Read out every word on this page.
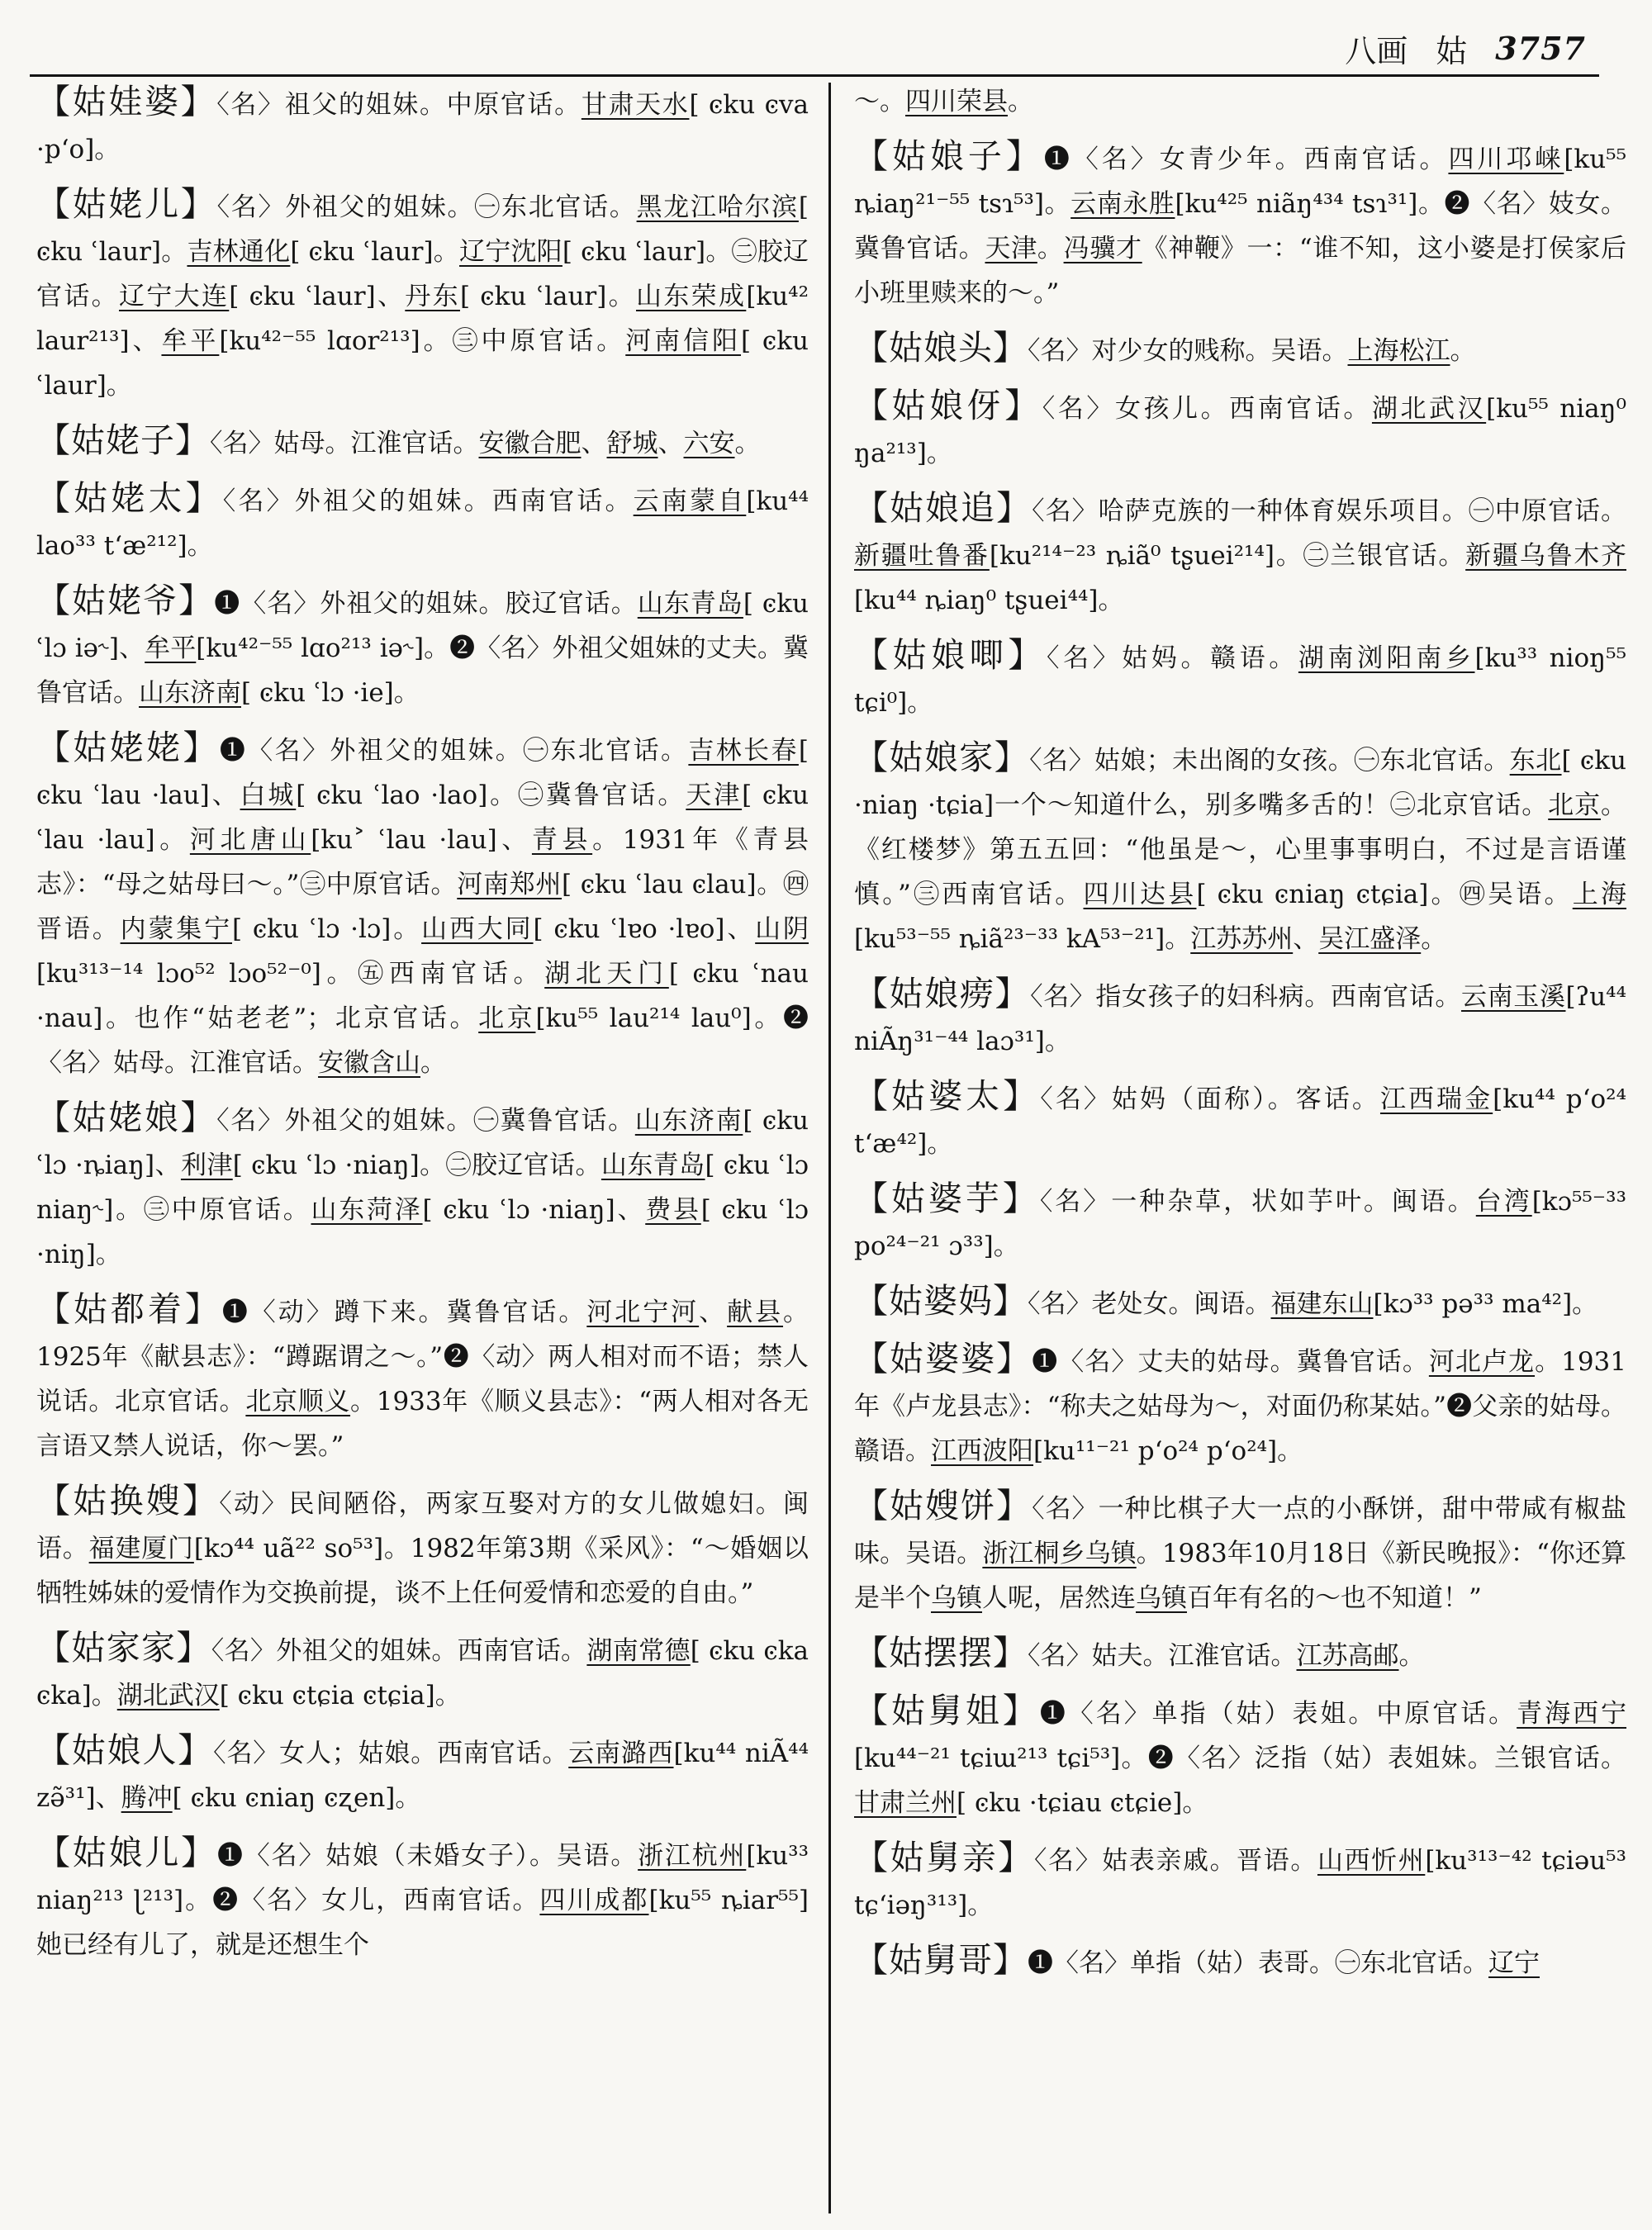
八画 姑 3757
【姑娃婆】〈名〉祖父的姐妹。中原官话。甘肃天水[ ͼku ͼva ·p‘o]。
【姑姥儿】〈名〉外祖父的姐妹。㊀东北官话。黑龙江哈尔滨[ ͼku ʿlaur]。吉林通化[ ͼku ʿlaur]。辽宁沈阳[ ͼku ʿlaur]。㊁胶辽官话。辽宁大连[ ͼku ʿlaur]、丹东[ ͼku ʿlaur]。山东荣成[ku⁴² laur²¹³]、牟平[ku⁴²⁻⁵⁵ lɑor²¹³]。㊂中原官话。河南信阳[ ͼku ʿlaur]。
【姑姥子】〈名〉姑母。江淮官话。安徽合肥、舒城、六安。
【姑姥太】〈名〉外祖父的姐妹。西南官话。云南蒙自[ku⁴⁴ lao³³ t‘æ²¹²]。
【姑姥爷】❶〈名〉外祖父的姐妹。胶辽官话。山东青岛[ ͼku ʿlɔ iə˞]、牟平[ku⁴²⁻⁵⁵ lɑo²¹³ iə˞]。❷〈名〉外祖父姐妹的丈夫。冀鲁官话。山东济南[ ͼku ʿlɔ ·ie]。
【姑姥姥】❶〈名〉外祖父的姐妹。㊀东北官话。吉林长春[ ͼku ʿlau ·lau]、白城[ ͼku ʿlao ·lao]。㊁冀鲁官话。天津[ ͼku ʿlau ·lau]。河北唐山[ku˃ ʿlau ·lau]、青县。1931年《青县志》：“母之姑母曰～。”㊂中原官话。河南郑州[ ͼku ʿlau ͼlau]。㊃晋语。内蒙集宁[ ͼku ʿlɔ ·lɔ]。山西大同[ ͼku ʿlɐo ·lɐo]、山阴[ku³¹³⁻¹⁴ lɔo⁵² lɔo⁵²⁻⁰]。㊄西南官话。湖北天门[ ͼku ʿnau ·nau]。也作“姑老老”；北京官话。北京[ku⁵⁵ lau²¹⁴ lau⁰]。❷〈名〉姑母。江淮官话。安徽含山。
【姑姥娘】〈名〉外祖父的姐妹。㊀冀鲁官话。山东济南[ ͼku ʿlɔ ·ȵiaŋ]、利津[ ͼku ʿlɔ ·niaŋ]。㊁胶辽官话。山东青岛[ ͼku ʿlɔ niaŋ˞]。㊂中原官话。山东菏泽[ ͼku ʿlɔ ·niaŋ]、费县[ ͼku ʿlɔ ·niŋ]。
【姑都着】❶〈动〉蹲下来。冀鲁官话。河北宁河、献县。1925年《献县志》：“蹲踞谓之～。”❷〈动〉两人相对而不语；禁人说话。北京官话。北京顺义。1933年《顺义县志》：“两人相对各无言语又禁人说话，你～罢。”
【姑换嫂】〈动〉民间陋俗，两家互娶对方的女儿做媳妇。闽语。福建厦门[kɔ⁴⁴ uã²² so⁵³]。1982年第3期《采风》：“～婚姻以牺牲姊妹的爱情作为交换前提，谈不上任何爱情和恋爱的自由。”
【姑家家】〈名〉外祖父的姐妹。西南官话。湖南常德[ ͼku ͼka ͼka]。湖北武汉[ ͼku ͼtɕia ͼtɕia]。
【姑娘人】〈名〉女人；姑娘。西南官话。云南潞西[ku⁴⁴ niÃ⁴⁴ zə̃³¹]、腾冲[ ͼku ͼniaŋ ͼʐen]。
【姑娘儿】❶〈名〉姑娘（未婚女子）。吴语。浙江杭州[ku³³ niaŋ²¹³ ɭ²¹³]。❷〈名〉女儿，西南官话。四川成都[ku⁵⁵ ȵiar⁵⁵] 她已经有儿了，就是还想生个
～。四川荣县。
【姑娘子】❶〈名〉女青少年。西南官话。四川邛崃[ku⁵⁵ ȵiaŋ²¹⁻⁵⁵ tsɿ⁵³]。云南永胜[ku⁴²⁵ niãŋ⁴³⁴ tsɿ³¹]。❷〈名〉妓女。冀鲁官话。天津。冯骥才《神鞭》一：“谁不知，这小婆是打侯家后小班里赎来的～。”
【姑娘头】〈名〉对少女的贱称。吴语。上海松江。
【姑娘伢】〈名〉女孩儿。西南官话。湖北武汉[ku⁵⁵ niaŋ⁰ ŋa²¹³]。
【姑娘追】〈名〉哈萨克族的一种体育娱乐项目。㊀中原官话。新疆吐鲁番[ku²¹⁴⁻²³ ȵiã⁰ tʂuei²¹⁴]。㊁兰银官话。新疆乌鲁木齐[ku⁴⁴ ȵiaŋ⁰ tʂuei⁴⁴]。
【姑娘唧】〈名〉姑妈。赣语。湖南浏阳南乡[ku³³ nioŋ⁵⁵ tɕi⁰]。
【姑娘家】〈名〉姑娘；未出阁的女孩。㊀东北官话。东北[ ͼku ·niaŋ ·tɕia]一个～知道什么，别多嘴多舌的！㊁北京官话。北京。《红楼梦》第五五回：“他虽是～，心里事事明白，不过是言语谨慎。”㊂西南官话。四川达县[ ͼku ͼniaŋ ͼtɕia]。㊃吴语。上海[ku⁵³⁻⁵⁵ ȵiã²³⁻³³ kA⁵³⁻²¹]。江苏苏州、吴江盛泽。
【姑娘痨】〈名〉指女孩子的妇科病。西南官话。云南玉溪[ʔu⁴⁴ niÃŋ³¹⁻⁴⁴ laɔ³¹]。
【姑婆太】〈名〉姑妈（面称）。客话。江西瑞金[ku⁴⁴ p‘o²⁴ t‘æ⁴²]。
【姑婆芋】〈名〉一种杂草，状如芋叶。闽语。台湾[kɔ⁵⁵⁻³³ po²⁴⁻²¹ ɔ³³]。
【姑婆妈】〈名〉老处女。闽语。福建东山[kɔ³³ pə³³ ma⁴²]。
【姑婆婆】❶〈名〉丈夫的姑母。冀鲁官话。河北卢龙。1931年《卢龙县志》：“称夫之姑母为～，对面仍称某姑。”❷父亲的姑母。赣语。江西波阳[ku¹¹⁻²¹ p‘o²⁴ p‘o²⁴]。
【姑嫂饼】〈名〉一种比棋子大一点的小酥饼，甜中带咸有椒盐味。吴语。浙江桐乡乌镇。1983年10月18日《新民晚报》：“你还算是半个乌镇人呢，居然连乌镇百年有名的～也不知道！”
【姑摆摆】〈名〉姑夫。江淮官话。江苏高邮。
【姑舅姐】❶〈名〉单指（姑）表姐。中原官话。青海西宁[ku⁴⁴⁻²¹ tɕiɯ²¹³ tɕi⁵³]。❷〈名〉泛指（姑）表姐妹。兰银官话。甘肃兰州[ ͼku ·tɕiau ͼtɕie]。
【姑舅亲】〈名〉姑表亲戚。晋语。山西忻州[ku³¹³⁻⁴² tɕiəu⁵³ tɕ‘iəŋ³¹³]。
【姑舅哥】❶〈名〉单指（姑）表哥。㊀东北官话。辽宁
